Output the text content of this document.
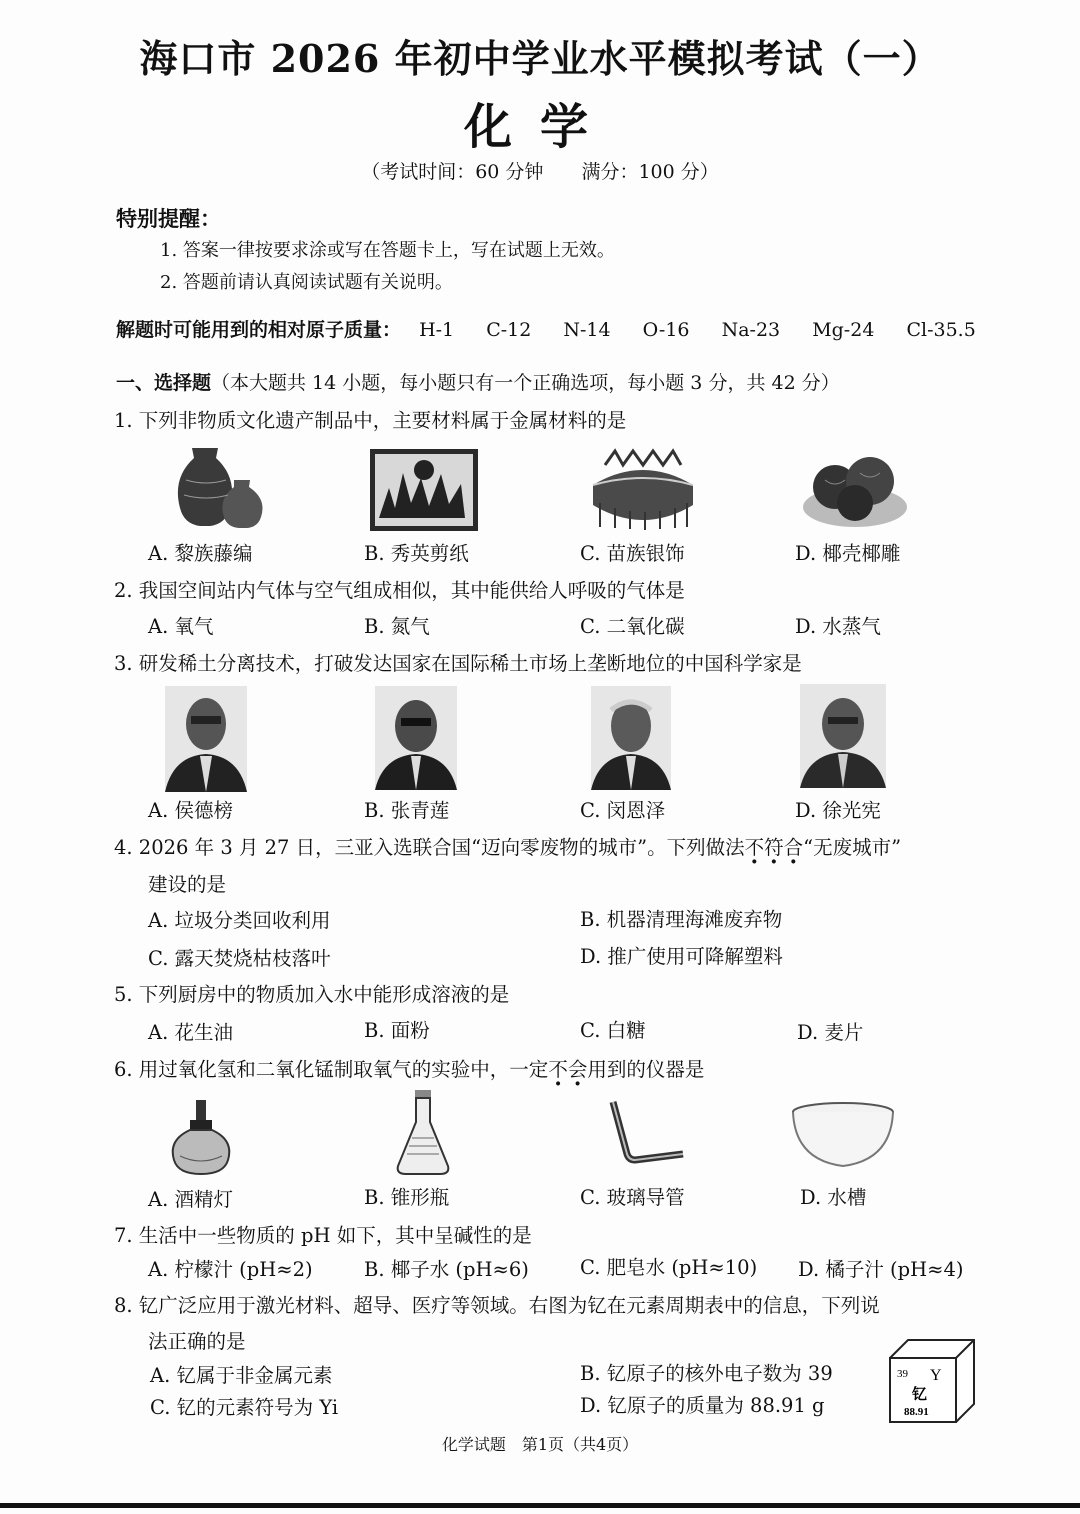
海口市 2026 年初中学业水平模拟考试（一）
化学
（考试时间：60 分钟 满分：100 分）
特别提醒：
1. 答案一律按要求涂或写在答题卡上，写在试题上无效。
2. 答题前请认真阅读试题有关说明。
解题时可能用到的相对原子质量： H-1 C-12 N-14 O-16 Na-23 Mg-24 Cl-35.5
一、选择题（本大题共 14 小题，每小题只有一个正确选项，每小题 3 分，共 42 分）
1. 下列非物质文化遗产制品中，主要材料属于金属材料的是
A. 黎族藤编	B. 秀英剪纸	C. 苗族银饰	D. 椰壳椰雕
2. 我国空间站内气体与空气组成相似，其中能供给人呼吸的气体是
A. 氧气	B. 氮气	C. 二氧化碳	D. 水蒸气
3. 研发稀土分离技术，打破发达国家在国际稀土市场上垄断地位的中国科学家是
A. 侯德榜	B. 张青莲	C. 闵恩泽	D. 徐光宪
4. 2026 年 3 月 27 日，三亚入选联合国“迈向零废物的城市”。下列做法不符合“无废城市”
建设的是
A. 垃圾分类回收利用	B. 机器清理海滩废弃物
C. 露天焚烧枯枝落叶	D. 推广使用可降解塑料
5. 下列厨房中的物质加入水中能形成溶液的是
A. 花生油	B. 面粉	C. 白糖	D. 麦片
6. 用过氧化氢和二氧化锰制取氧气的实验中，一定不会用到的仪器是
A. 酒精灯	B. 锥形瓶	C. 玻璃导管	D. 水槽
7. 生活中一些物质的 pH 如下，其中呈碱性的是
A. 柠檬汁 (pH≈2)	B. 椰子水 (pH≈6)	C. 肥皂水 (pH≈10) D. 橘子汁 (pH≈4)
8. 钇广泛应用于激光材料、超导、医疗等领域。右图为钇在元素周期表中的信息，下列说
法正确的是
A. 钇属于非金属元素	B. 钇原子的核外电子数为 39
C. 钇的元素符号为 Yi	D. 钇原子的质量为 88.91 g
39 Y
钇
88.91
化学试题　第1页（共4页）
